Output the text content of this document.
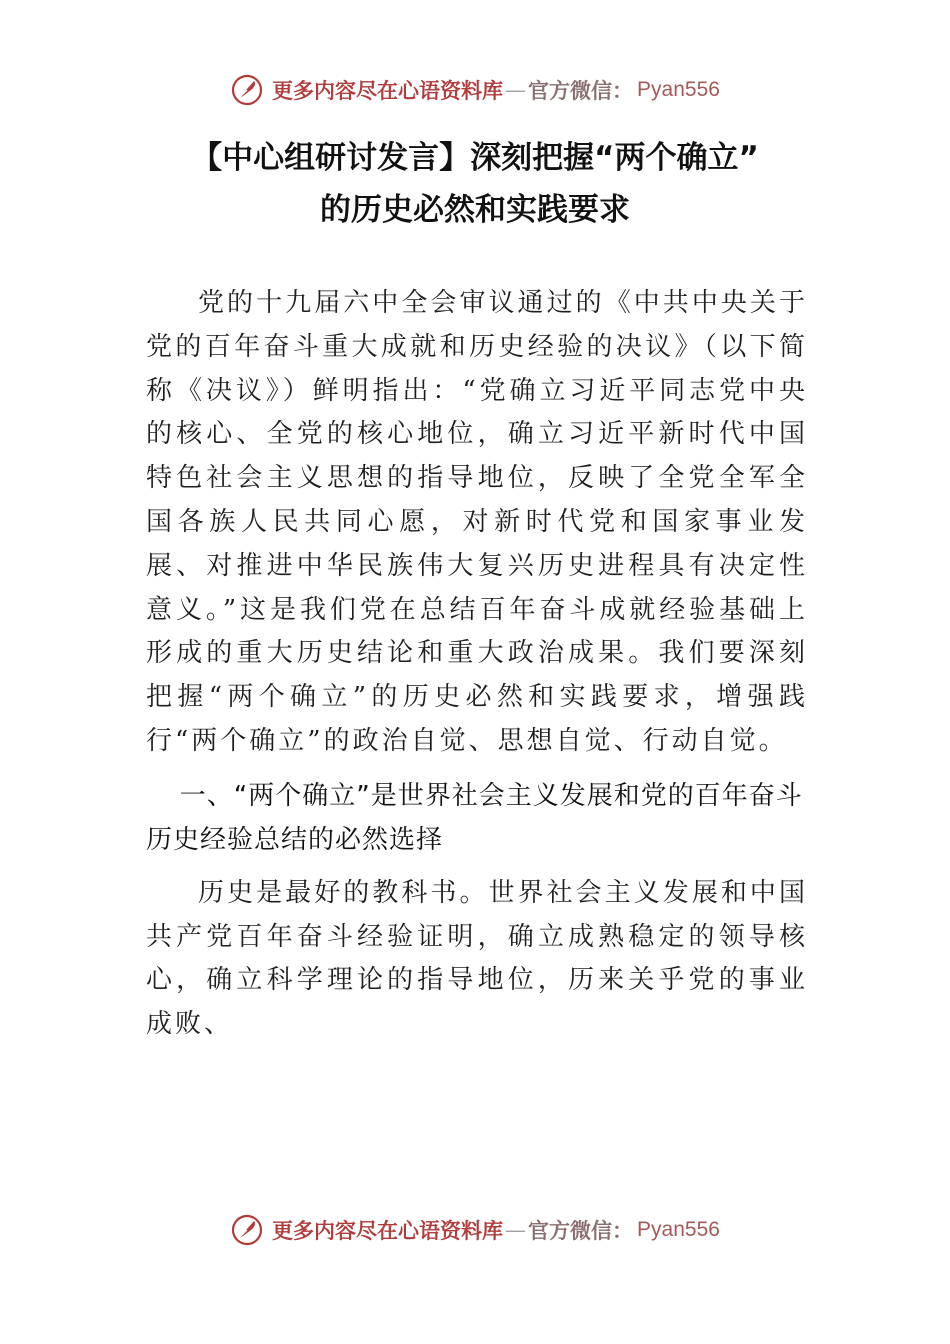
更多内容尽在心语资料库 — 官方微信： Pyan556
【中心组研讨发言】深刻把握“两个确立”
的历史必然和实践要求

党的十九届六中全会审议通过的《中共中央关于党的百年奋斗重大成就和历史经验的决议》（以下简称《决议》）鲜明指出：“党确立习近平同志党中央的核心、全党的核心地位，确立习近平新时代中国特色社会主义思想的指导地位，反映了全党全军全国各族人民共同心愿，对新时代党和国家事业发展、对推进中华民族伟大复兴历史进程具有决定性意义。”这是我们党在总结百年奋斗成就经验基础上形成的重大历史结论和重大政治成果。我们要深刻把握“两个确立”的历史必然和实践要求，增强践行“两个确立”的政治自觉、思想自觉、行动自觉。

一、“两个确立”是世界社会主义发展和党的百年奋斗历史经验总结的必然选择

历史是最好的教科书。世界社会主义发展和中国共产党百年奋斗经验证明，确立成熟稳定的领导核心，确立科学理论的指导地位，历来关乎党的事业成败、

更多内容尽在心语资料库 — 官方微信： Pyan556
